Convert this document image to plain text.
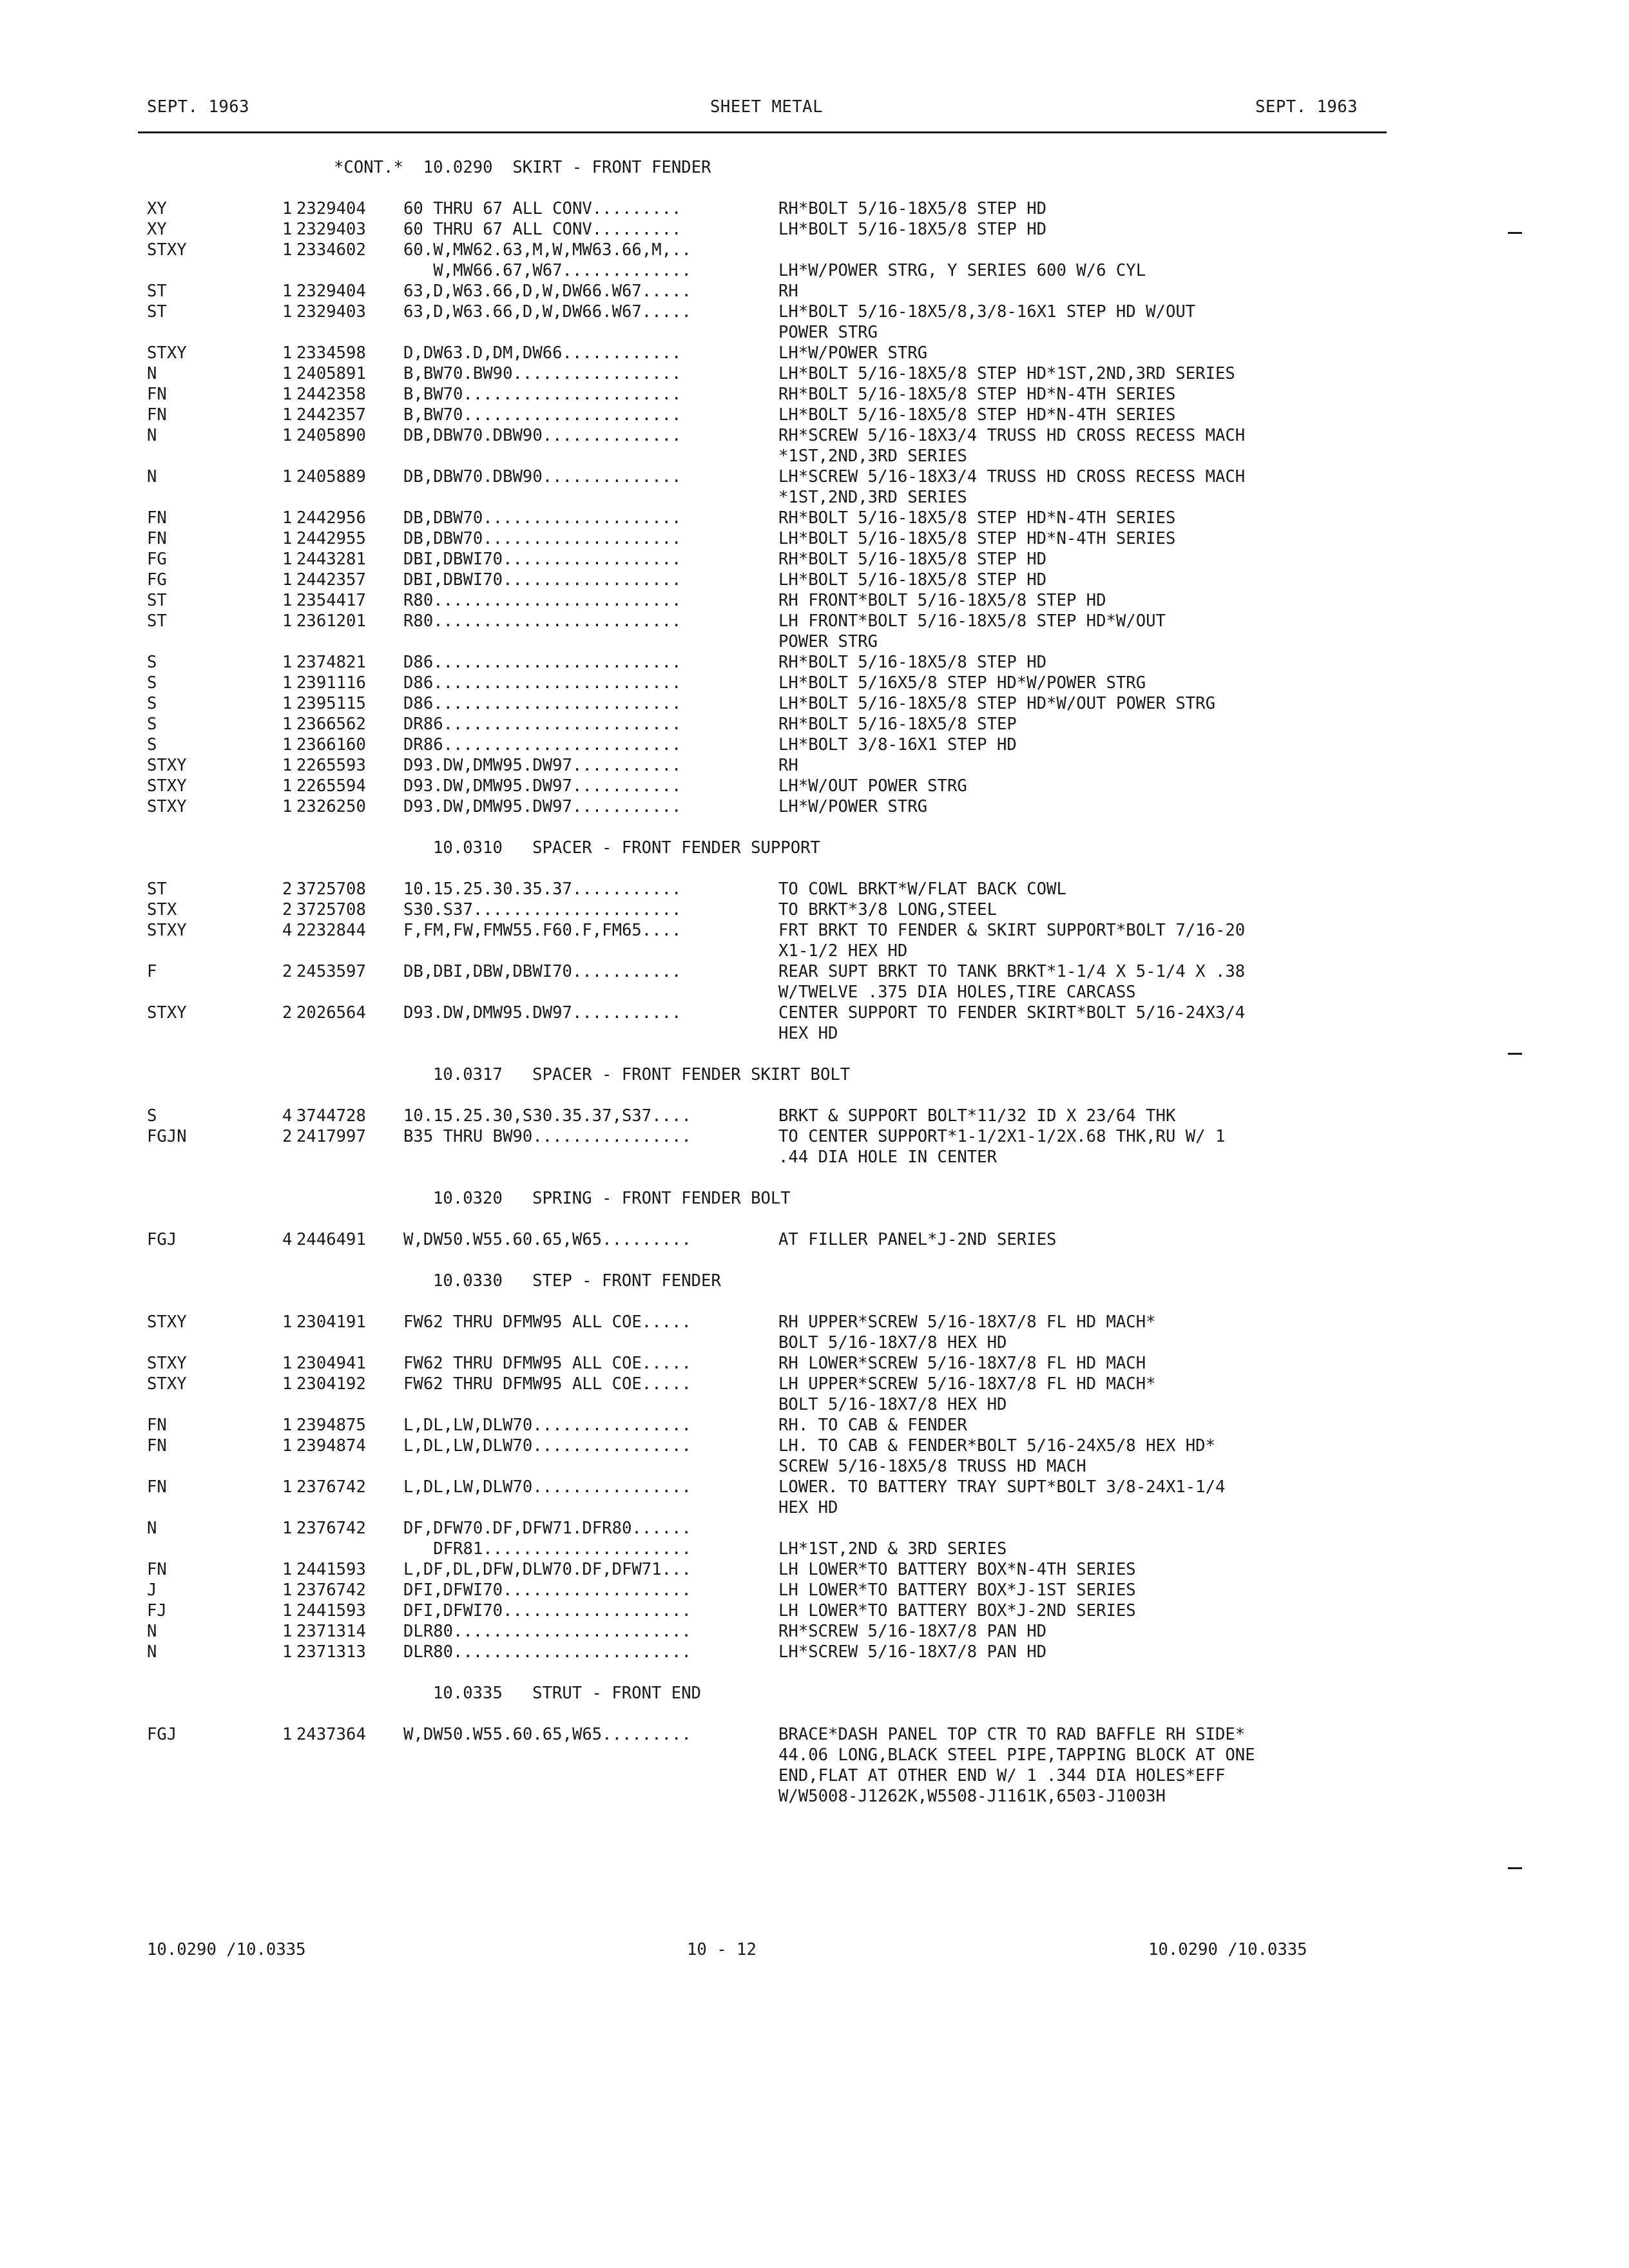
SEPT. 1963	SHEET METAL	SEPT. 1963
*CONT.*  10.0290  SKIRT - FRONT FENDER
XY	1 2329404	60 THRU 67 ALL CONV.........	RH*BOLT 5/16-18X5/8 STEP HD
XY	1 2329403	60 THRU 67 ALL CONV.........	LH*BOLT 5/16-18X5/8 STEP HD
STXY	1 2334602	60.W,MW62.63,M,W,MW63.66,M,..
W,MW66.67,W67.............	LH*W/POWER STRG, Y SERIES 600 W/6 CYL
ST	1 2329404	63,D,W63.66,D,W,DW66.W67.....	RH
ST	1 2329403	63,D,W63.66,D,W,DW66.W67.....	LH*BOLT 5/16-18X5/8,3/8-16X1 STEP HD W/OUT
POWER STRG
STXY	1 2334598	D,DW63.D,DM,DW66............	LH*W/POWER STRG
N	1 2405891	B,BW70.BW90.................	LH*BOLT 5/16-18X5/8 STEP HD*1ST,2ND,3RD SERIES
FN	1 2442358	B,BW70......................	RH*BOLT 5/16-18X5/8 STEP HD*N-4TH SERIES
FN	1 2442357	B,BW70......................	LH*BOLT 5/16-18X5/8 STEP HD*N-4TH SERIES
N	1 2405890	DB,DBW70.DBW90..............	RH*SCREW 5/16-18X3/4 TRUSS HD CROSS RECESS MACH
*1ST,2ND,3RD SERIES
N	1 2405889	DB,DBW70.DBW90..............	LH*SCREW 5/16-18X3/4 TRUSS HD CROSS RECESS MACH
*1ST,2ND,3RD SERIES
FN	1 2442956	DB,DBW70....................	RH*BOLT 5/16-18X5/8 STEP HD*N-4TH SERIES
FN	1 2442955	DB,DBW70....................	LH*BOLT 5/16-18X5/8 STEP HD*N-4TH SERIES
FG	1 2443281	DBI,DBWI70..................	RH*BOLT 5/16-18X5/8 STEP HD
FG	1 2442357	DBI,DBWI70..................	LH*BOLT 5/16-18X5/8 STEP HD
ST	1 2354417	R80.........................	RH FRONT*BOLT 5/16-18X5/8 STEP HD
ST	1 2361201	R80.........................	LH FRONT*BOLT 5/16-18X5/8 STEP HD*W/OUT
POWER STRG
S	1 2374821	D86.........................	RH*BOLT 5/16-18X5/8 STEP HD
S	1 2391116	D86.........................	LH*BOLT 5/16X5/8 STEP HD*W/POWER STRG
S	1 2395115	D86.........................	LH*BOLT 5/16-18X5/8 STEP HD*W/OUT POWER STRG
S	1 2366562	DR86........................	RH*BOLT 5/16-18X5/8 STEP
S	1 2366160	DR86........................	LH*BOLT 3/8-16X1 STEP HD
STXY	1 2265593	D93.DW,DMW95.DW97...........	RH
STXY	1 2265594	D93.DW,DMW95.DW97...........	LH*W/OUT POWER STRG
STXY	1 2326250	D93.DW,DMW95.DW97...........	LH*W/POWER STRG
10.0310   SPACER - FRONT FENDER SUPPORT
ST	2 3725708	10.15.25.30.35.37...........	TO COWL BRKT*W/FLAT BACK COWL
STX	2 3725708	S30.S37.....................	TO BRKT*3/8 LONG,STEEL
STXY	4 2232844	F,FM,FW,FMW55.F60.F,FM65....	FRT BRKT TO FENDER & SKIRT SUPPORT*BOLT 7/16-20
X1-1/2 HEX HD
F	2 2453597	DB,DBI,DBW,DBWI70...........	REAR SUPT BRKT TO TANK BRKT*1-1/4 X 5-1/4 X .38
W/TWELVE .375 DIA HOLES,TIRE CARCASS
STXY	2 2026564	D93.DW,DMW95.DW97...........	CENTER SUPPORT TO FENDER SKIRT*BOLT 5/16-24X3/4
HEX HD
10.0317   SPACER - FRONT FENDER SKIRT BOLT
S	4 3744728	10.15.25.30,S30.35.37,S37....	BRKT & SUPPORT BOLT*11/32 ID X 23/64 THK
FGJN	2 2417997	B35 THRU BW90................	TO CENTER SUPPORT*1-1/2X1-1/2X.68 THK,RU W/ 1
.44 DIA HOLE IN CENTER
10.0320   SPRING - FRONT FENDER BOLT
FGJ	4 2446491	W,DW50.W55.60.65,W65.........	AT FILLER PANEL*J-2ND SERIES
10.0330   STEP - FRONT FENDER
STXY	1 2304191	FW62 THRU DFMW95 ALL COE.....	RH UPPER*SCREW 5/16-18X7/8 FL HD MACH*
BOLT 5/16-18X7/8 HEX HD
STXY	1 2304941	FW62 THRU DFMW95 ALL COE.....	RH LOWER*SCREW 5/16-18X7/8 FL HD MACH
STXY	1 2304192	FW62 THRU DFMW95 ALL COE.....	LH UPPER*SCREW 5/16-18X7/8 FL HD MACH*
BOLT 5/16-18X7/8 HEX HD
FN	1 2394875	L,DL,LW,DLW70................	RH. TO CAB & FENDER
FN	1 2394874	L,DL,LW,DLW70................	LH. TO CAB & FENDER*BOLT 5/16-24X5/8 HEX HD*
SCREW 5/16-18X5/8 TRUSS HD MACH
FN	1 2376742	L,DL,LW,DLW70................	LOWER. TO BATTERY TRAY SUPT*BOLT 3/8-24X1-1/4
HEX HD
N	1 2376742	DF,DFW70.DF,DFW71.DFR80......
DFR81.....................	LH*1ST,2ND & 3RD SERIES
FN	1 2441593	L,DF,DL,DFW,DLW70.DF,DFW71...	LH LOWER*TO BATTERY BOX*N-4TH SERIES
J	1 2376742	DFI,DFWI70...................	LH LOWER*TO BATTERY BOX*J-1ST SERIES
FJ	1 2441593	DFI,DFWI70...................	LH LOWER*TO BATTERY BOX*J-2ND SERIES
N	1 2371314	DLR80........................	RH*SCREW 5/16-18X7/8 PAN HD
N	1 2371313	DLR80........................	LH*SCREW 5/16-18X7/8 PAN HD
10.0335   STRUT - FRONT END
FGJ	1 2437364	W,DW50.W55.60.65,W65.........	BRACE*DASH PANEL TOP CTR TO RAD BAFFLE RH SIDE*
44.06 LONG,BLACK STEEL PIPE,TAPPING BLOCK AT ONE
END,FLAT AT OTHER END W/ 1 .344 DIA HOLES*EFF
W/W5008-J1262K,W5508-J1161K,6503-J1003H
10.0290 /10.0335	10 - 12	10.0290 /10.0335
